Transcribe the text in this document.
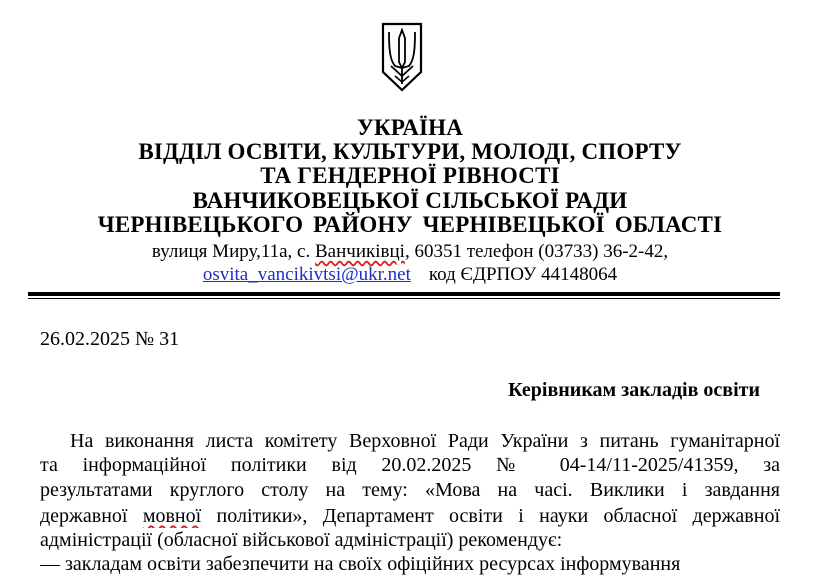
УКРАЇНА
ВІДДІЛ ОСВІТИ, КУЛЬТУРИ, МОЛОДІ, СПОРТУ
ТА ГЕНДЕРНОЇ РІВНОСТІ
ВАНЧИКОВЕЦЬКОЇ СІЛЬСЬКОЇ РАДИ
ЧЕРНІВЕЦЬКОГО РАЙОНУ ЧЕРНІВЕЦЬКОЇ ОБЛАСТІ
вулиця Миру,11а, с. Ванчиківці, 60351 телефон (03733) 36-2-42,
osvita_vancikivtsi@ukr.net код ЄДРПОУ 44148064
26.02.2025 № 31
Керівникам закладів освіти
На виконання листа комітету Верховної Ради України з питань гуманітарної
та інформаційної політики від 20.02.2025 № 04-14/11-2025/41359, за
результатами круглого столу на тему: «Мова на часі. Виклики і завдання
державної мовної політики», Департамент освіти і науки обласної державної
адміністрації (обласної військової адміністрації) рекомендує:
— закладам освіти забезпечити на своїх офіційних ресурсах інформування
